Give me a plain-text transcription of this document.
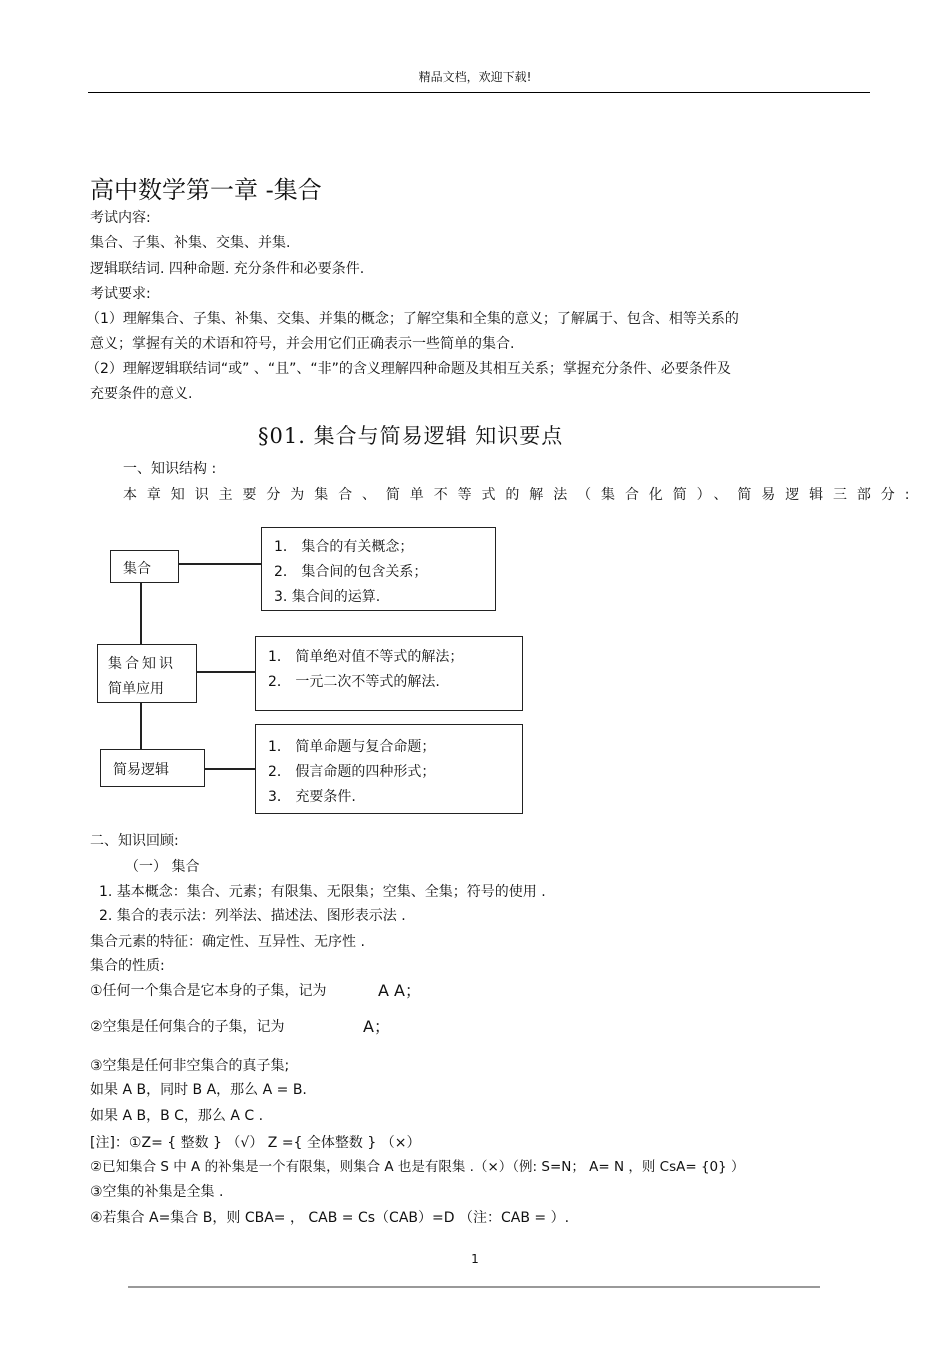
精品文档，欢迎下载!
高中数学第一章 -集合
考试内容:
集合、子集、补集、交集、并集.
逻辑联结词. 四种命题. 充分条件和必要条件.
考试要求:
（1）理解集合、子集、补集、交集、并集的概念；了解空集和全集的意义；了解属于、包含、相等关系的
意义；掌握有关的术语和符号，并会用它们正确表示一些简单的集合.
（2）理解逻辑联结词“或” 、“且”、“非”的含义理解四种命题及其相互关系；掌握充分条件、必要条件及
充要条件的意义.
§01. 集合与简易逻辑 知识要点
一、知识结构 :
本章知识主要分为集合、简单不等式的解法（集合化简）、简易逻辑三部分:
集合
集合知识
简单应用
简易逻辑
1． 集合的有关概念；
2． 集合间的包含关系；
3. 集合间的运算.
1． 简单绝对值不等式的解法；
2． 一元二次不等式的解法.
1． 简单命题与复合命题；
2． 假言命题的四种形式；
3． 充要条件.
二、知识回顾:
（一） 集合
1. 基本概念：集合、元素；有限集、无限集；空集、全集；符号的使用 .
2. 集合的表示法：列举法、描述法、图形表示法 .
集合元素的特征：确定性、互异性、无序性 .
集合的性质:
①任何一个集合是它本身的子集，记为	A A；
②空集是任何集合的子集，记为	A；
③空集是任何非空集合的真子集;
如果 A B，同时 B A，那么 A = B.
如果 A B，B C，那么 A C .
[注]：①Z= { 整数 } （√） Z ={ 全体整数 } （×）
②已知集合 S 中 A 的补集是一个有限集，则集合 A 也是有限集 .（×）（例: S=N； A= N ，则 CsA= {0} ）
③空集的补集是全集 .
④若集合 A=集合 B，则 CBA= ， CAB = Cs（CAB）=D （注：CAB = ）.
1
